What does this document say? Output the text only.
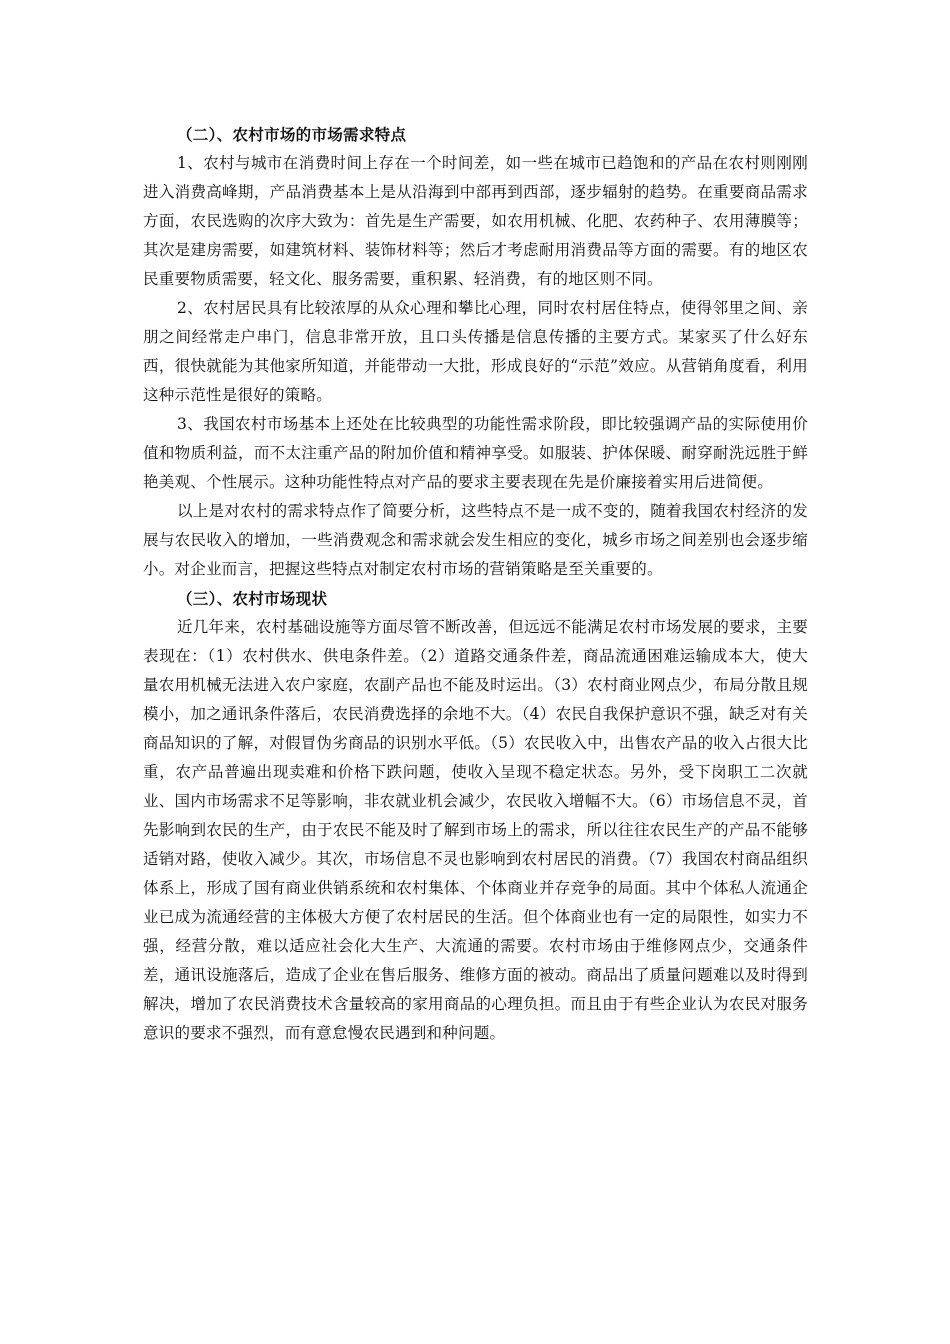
（二）、农村市场的市场需求特点

1、农村与城市在消费时间上存在一个时间差，如一些在城市已趋饱和的产品在农村则刚刚进入消费高峰期，产品消费基本上是从沿海到中部再到西部，逐步辐射的趋势。在重要商品需求方面，农民选购的次序大致为：首先是生产需要，如农用机械、化肥、农药种子、农用薄膜等；其次是建房需要，如建筑材料、装饰材料等；然后才考虑耐用消费品等方面的需要。有的地区农民重要物质需要，轻文化、服务需要，重积累、轻消费，有的地区则不同。

2、农村居民具有比较浓厚的从众心理和攀比心理，同时农村居住特点，使得邻里之间、亲朋之间经常走户串门，信息非常开放，且口头传播是信息传播的主要方式。某家买了什么好东西，很快就能为其他家所知道，并能带动一大批，形成良好的“示范”效应。从营销角度看，利用这种示范性是很好的策略。

3、我国农村市场基本上还处在比较典型的功能性需求阶段，即比较强调产品的实际使用价值和物质利益，而不太注重产品的附加价值和精神享受。如服装、护体保暖、耐穿耐洗远胜于鲜艳美观、个性展示。这种功能性特点对产品的要求主要表现在先是价廉接着实用后进简便。

以上是对农村的需求特点作了简要分析，这些特点不是一成不变的，随着我国农村经济的发展与农民收入的增加，一些消费观念和需求就会发生相应的变化，城乡市场之间差别也会逐步缩小。对企业而言，把握这些特点对制定农村市场的营销策略是至关重要的。

（三）、农村市场现状

近几年来，农村基础设施等方面尽管不断改善，但远远不能满足农村市场发展的要求，主要表现在：（1）农村供水、供电条件差。（2）道路交通条件差，商品流通困难运输成本大，使大量农用机械无法进入农户家庭，农副产品也不能及时运出。（3）农村商业网点少，布局分散且规模小，加之通讯条件落后，农民消费选择的余地不大。（4）农民自我保护意识不强，缺乏对有关商品知识的了解，对假冒伪劣商品的识别水平低。（5）农民收入中，出售农产品的收入占很大比重，农产品普遍出现卖难和价格下跌问题，使收入呈现不稳定状态。另外，受下岗职工二次就业、国内市场需求不足等影响，非农就业机会减少，农民收入增幅不大。（6）市场信息不灵，首先影响到农民的生产，由于农民不能及时了解到市场上的需求，所以往往农民生产的产品不能够适销对路，使收入减少。其次，市场信息不灵也影响到农村居民的消费。（7）我国农村商品组织体系上，形成了国有商业供销系统和农村集体、个体商业并存竞争的局面。其中个体私人流通企业已成为流通经营的主体极大方便了农村居民的生活。但个体商业也有一定的局限性，如实力不强，经营分散，难以适应社会化大生产、大流通的需要。农村市场由于维修网点少，交通条件差，通讯设施落后，造成了企业在售后服务、维修方面的被动。商品出了质量问题难以及时得到解决，增加了农民消费技术含量较高的家用商品的心理负担。而且由于有些企业认为农民对服务意识的要求不强烈，而有意怠慢农民遇到和种问题。
